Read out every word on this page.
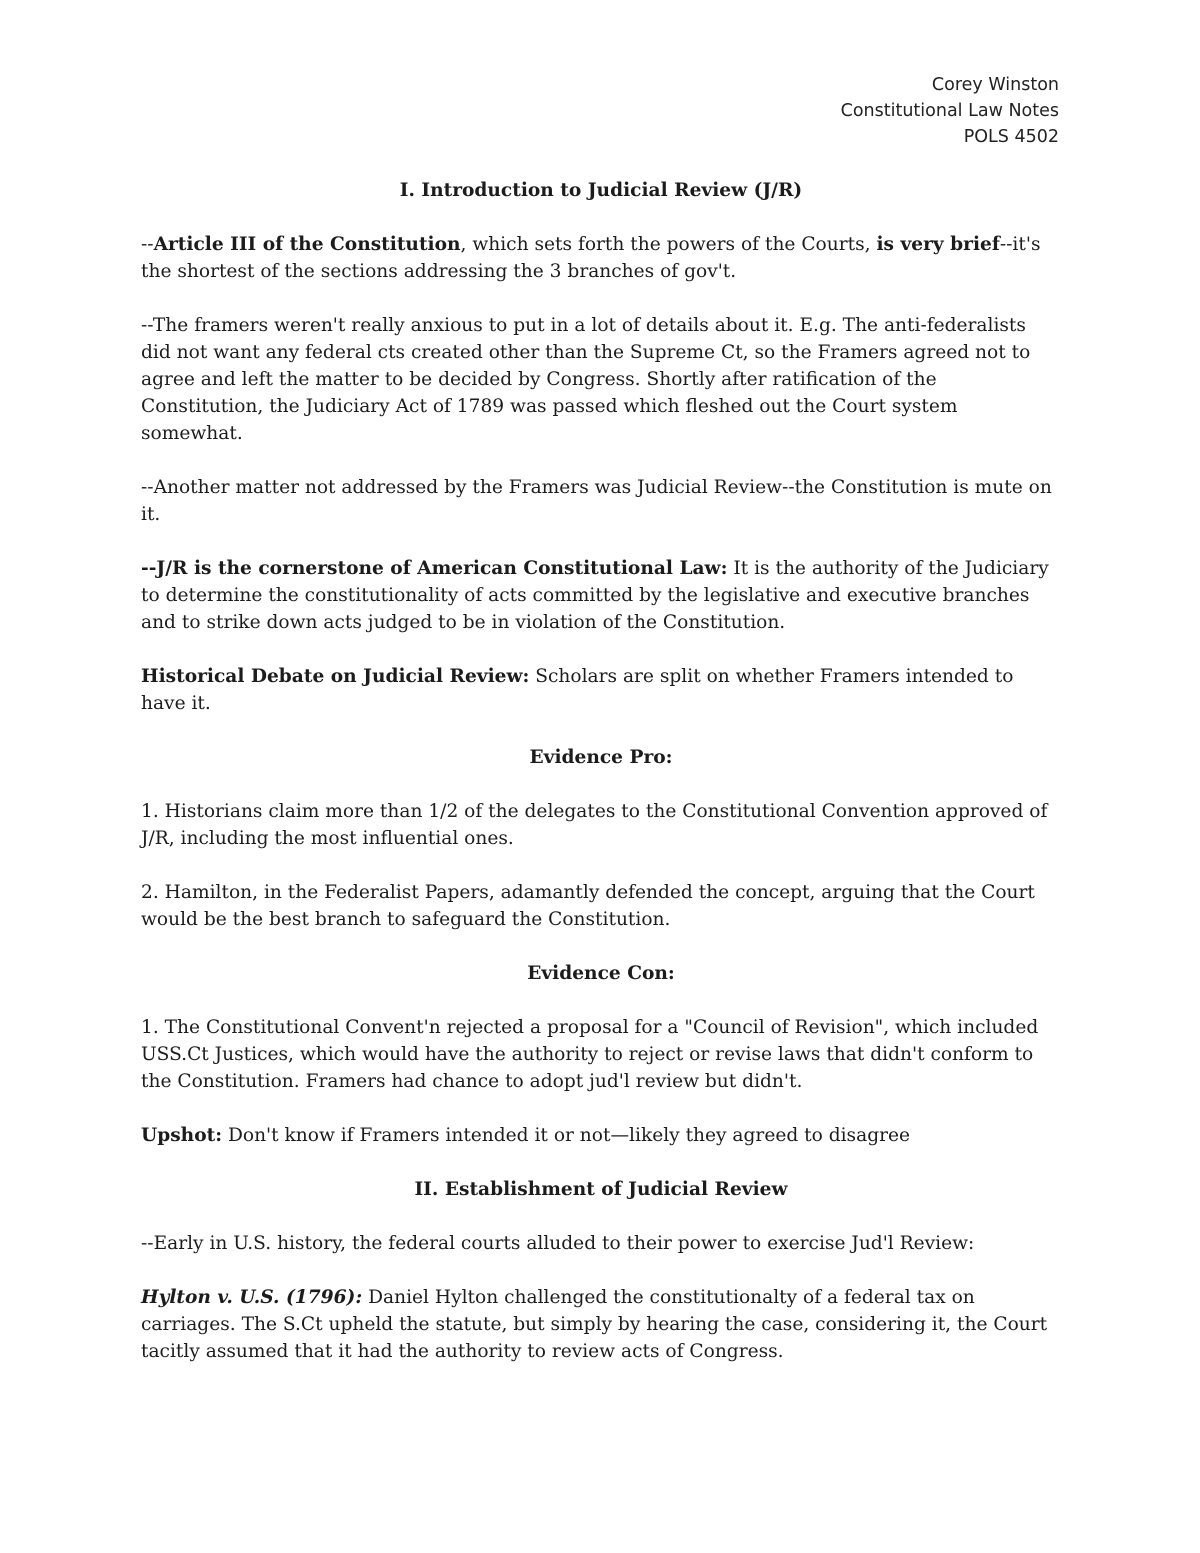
Corey Winston
Constitutional Law Notes
POLS 4502

I. Introduction to Judicial Review (J/R)

--Article III of the Constitution, which sets forth the powers of the Courts, is very brief--it's the shortest of the sections addressing the 3 branches of gov't.

--The framers weren't really anxious to put in a lot of details about it. E.g. The anti-federalists did not want any federal cts created other than the Supreme Ct, so the Framers agreed not to agree and left the matter to be decided by Congress. Shortly after ratification of the Constitution, the Judiciary Act of 1789 was passed which fleshed out the Court system somewhat.

--Another matter not addressed by the Framers was Judicial Review--the Constitution is mute on it.

--J/R is the cornerstone of American Constitutional Law: It is the authority of the Judiciary to determine the constitutionality of acts committed by the legislative and executive branches and to strike down acts judged to be in violation of the Constitution.

Historical Debate on Judicial Review: Scholars are split on whether Framers intended to have it.

Evidence Pro:

1. Historians claim more than 1/2 of the delegates to the Constitutional Convention approved of J/R, including the most influential ones.

2. Hamilton, in the Federalist Papers, adamantly defended the concept, arguing that the Court would be the best branch to safeguard the Constitution.

Evidence Con:

1. The Constitutional Convent'n rejected a proposal for a "Council of Revision", which included USS.Ct Justices, which would have the authority to reject or revise laws that didn't conform to the Constitution. Framers had chance to adopt jud'l review but didn't.

Upshot: Don't know if Framers intended it or not—likely they agreed to disagree

II. Establishment of Judicial Review

--Early in U.S. history, the federal courts alluded to their power to exercise Jud'l Review:

Hylton v. U.S. (1796): Daniel Hylton challenged the constitutionalty of a federal tax on carriages. The S.Ct upheld the statute, but simply by hearing the case, considering it, the Court tacitly assumed that it had the authority to review acts of Congress.
